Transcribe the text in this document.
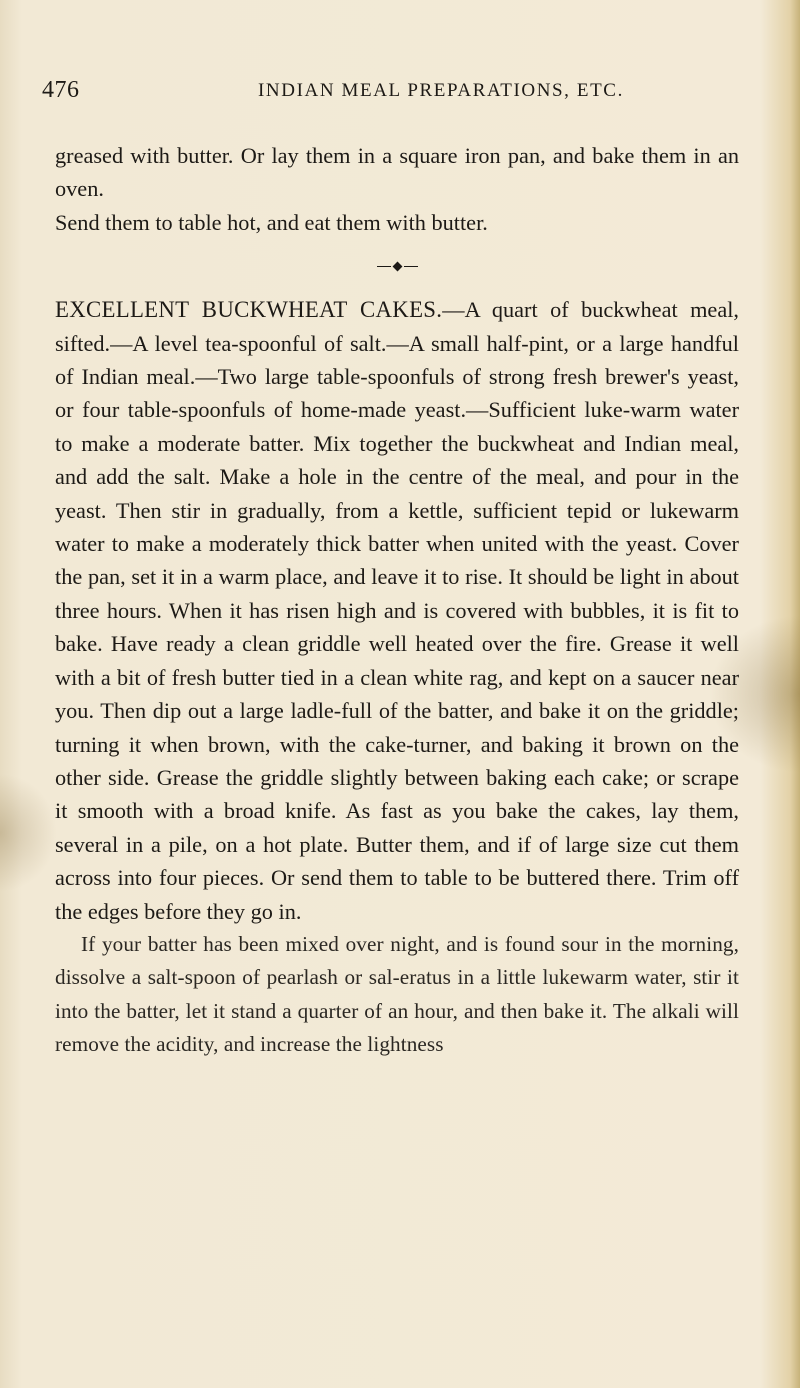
476	INDIAN MEAL PREPARATIONS, ETC.

greased with butter. Or lay them in a square iron pan, and bake them in an oven.

Send them to table hot, and eat them with butter.

EXCELLENT BUCKWHEAT CAKES.—A quart of buckwheat meal, sifted.—A level tea-spoonful of salt.—A small half-pint, or a large handful of Indian meal.—Two large table-spoonfuls of strong fresh brewer's yeast, or four table-spoonfuls of home-made yeast.—Sufficient luke-warm water to make a moderate batter. Mix together the buckwheat and Indian meal, and add the salt. Make a hole in the centre of the meal, and pour in the yeast. Then stir in gradually, from a kettle, sufficient tepid or lukewarm water to make a moderately thick batter when united with the yeast. Cover the pan, set it in a warm place, and leave it to rise. It should be light in about three hours. When it has risen high and is covered with bubbles, it is fit to bake. Have ready a clean griddle well heated over the fire. Grease it well with a bit of fresh butter tied in a clean white rag, and kept on a saucer near you. Then dip out a large ladle-full of the batter, and bake it on the griddle; turning it when brown, with the cake-turner, and baking it brown on the other side. Grease the griddle slightly between baking each cake; or scrape it smooth with a broad knife. As fast as you bake the cakes, lay them, several in a pile, on a hot plate. Butter them, and if of large size cut them across into four pieces. Or send them to table to be buttered there. Trim off the edges before they go in.

If your batter has been mixed over night, and is found sour in the morning, dissolve a salt-spoon of pearlash or sal-eratus in a little lukewarm water, stir it into the batter, let it stand a quarter of an hour, and then bake it. The alkali will remove the acidity, and increase the lightness
